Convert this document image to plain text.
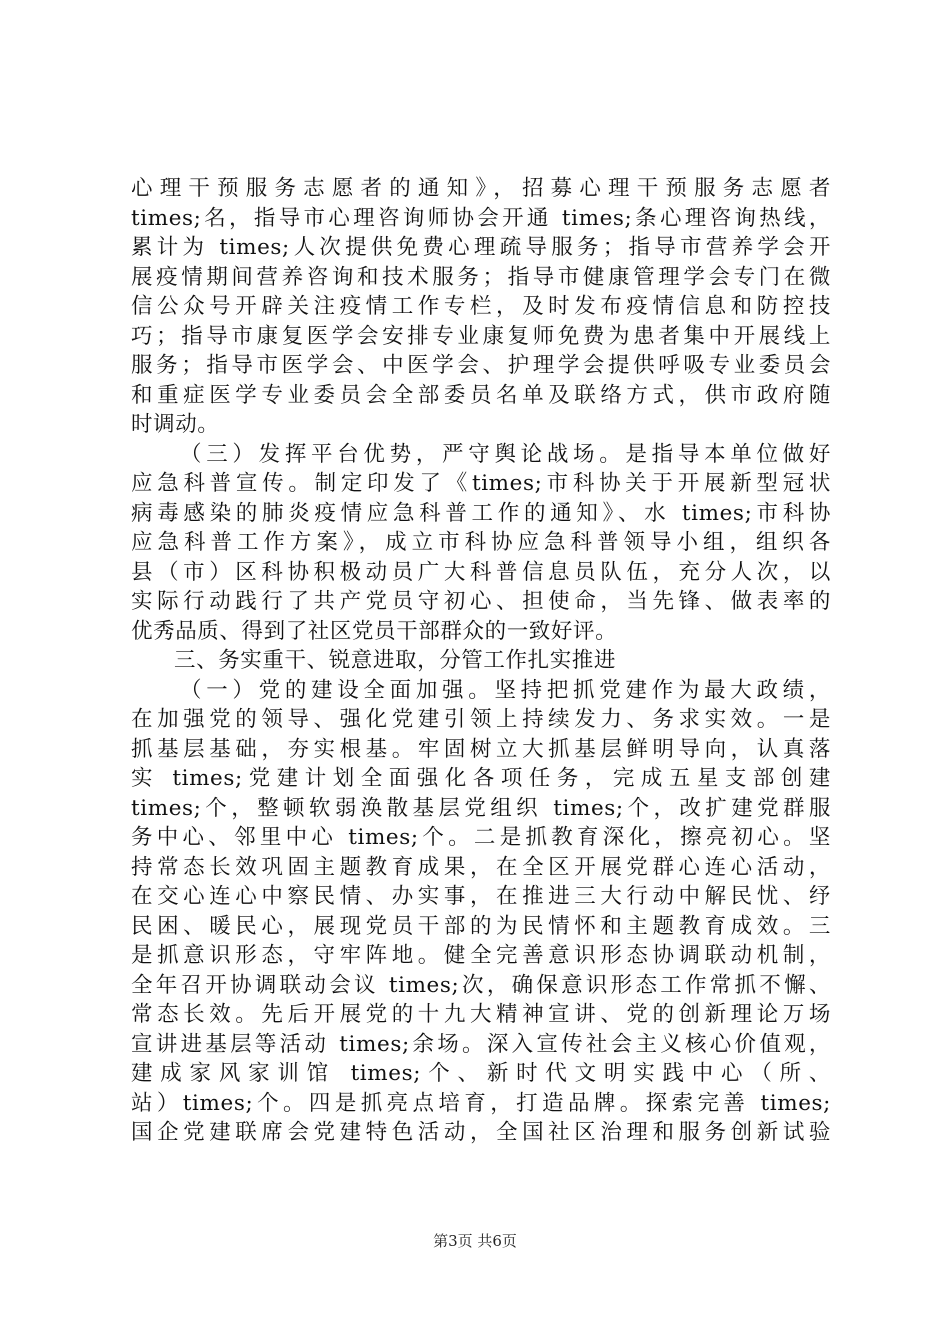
心理干预服务志愿者的通知》，招募心理干预服务志愿者
times;名，指导市心理咨询师协会开通 times;条心理咨询热线，
累计为 times;人次提供免费心理疏导服务；指导市营养学会开
展疫情期间营养咨询和技术服务；指导市健康管理学会专门在微
信公众号开辟关注疫情工作专栏，及时发布疫情信息和防控技
巧；指导市康复医学会安排专业康复师免费为患者集中开展线上
服务；指导市医学会、中医学会、护理学会提供呼吸专业委员会
和重症医学专业委员会全部委员名单及联络方式，供市政府随
时调动。
（三）发挥平台优势，严守舆论战场。是指导本单位做好
应急科普宣传。制定印发了《times;市科协关于开展新型冠状
病毒感染的肺炎疫情应急科普工作的通知》、水 times;市科协
应急科普工作方案》，成立市科协应急科普领导小组，组织各
县（市）区科协积极动员广大科普信息员队伍，充分人次，以
实际行动践行了共产党员守初心、担使命，当先锋、做表率的
优秀品质、得到了社区党员干部群众的一致好评。
三、务实重干、锐意进取，分管工作扎实推进
（一）党的建设全面加强。坚持把抓党建作为最大政绩，
在加强党的领导、强化党建引领上持续发力、务求实效。一是
抓基层基础，夯实根基。牢固树立大抓基层鲜明导向，认真落
实 times;党建计划全面强化各项任务，完成五星支部创建
times;个，整顿软弱涣散基层党组织 times;个，改扩建党群服
务中心、邻里中心 times;个。二是抓教育深化，擦亮初心。坚
持常态长效巩固主题教育成果，在全区开展党群心连心活动，
在交心连心中察民情、办实事，在推进三大行动中解民忧、纾
民困、暖民心，展现党员干部的为民情怀和主题教育成效。三
是抓意识形态，守牢阵地。健全完善意识形态协调联动机制，
全年召开协调联动会议 times;次，确保意识形态工作常抓不懈、
常态长效。先后开展党的十九大精神宣讲、党的创新理论万场
宣讲进基层等活动 times;余场。深入宣传社会主义核心价值观，
建成家风家训馆 times;个、新时代文明实践中心（所、
站）times;个。四是抓亮点培育，打造品牌。探索完善 times;
国企党建联席会党建特色活动，全国社区治理和服务创新试验
第3页 共6页
